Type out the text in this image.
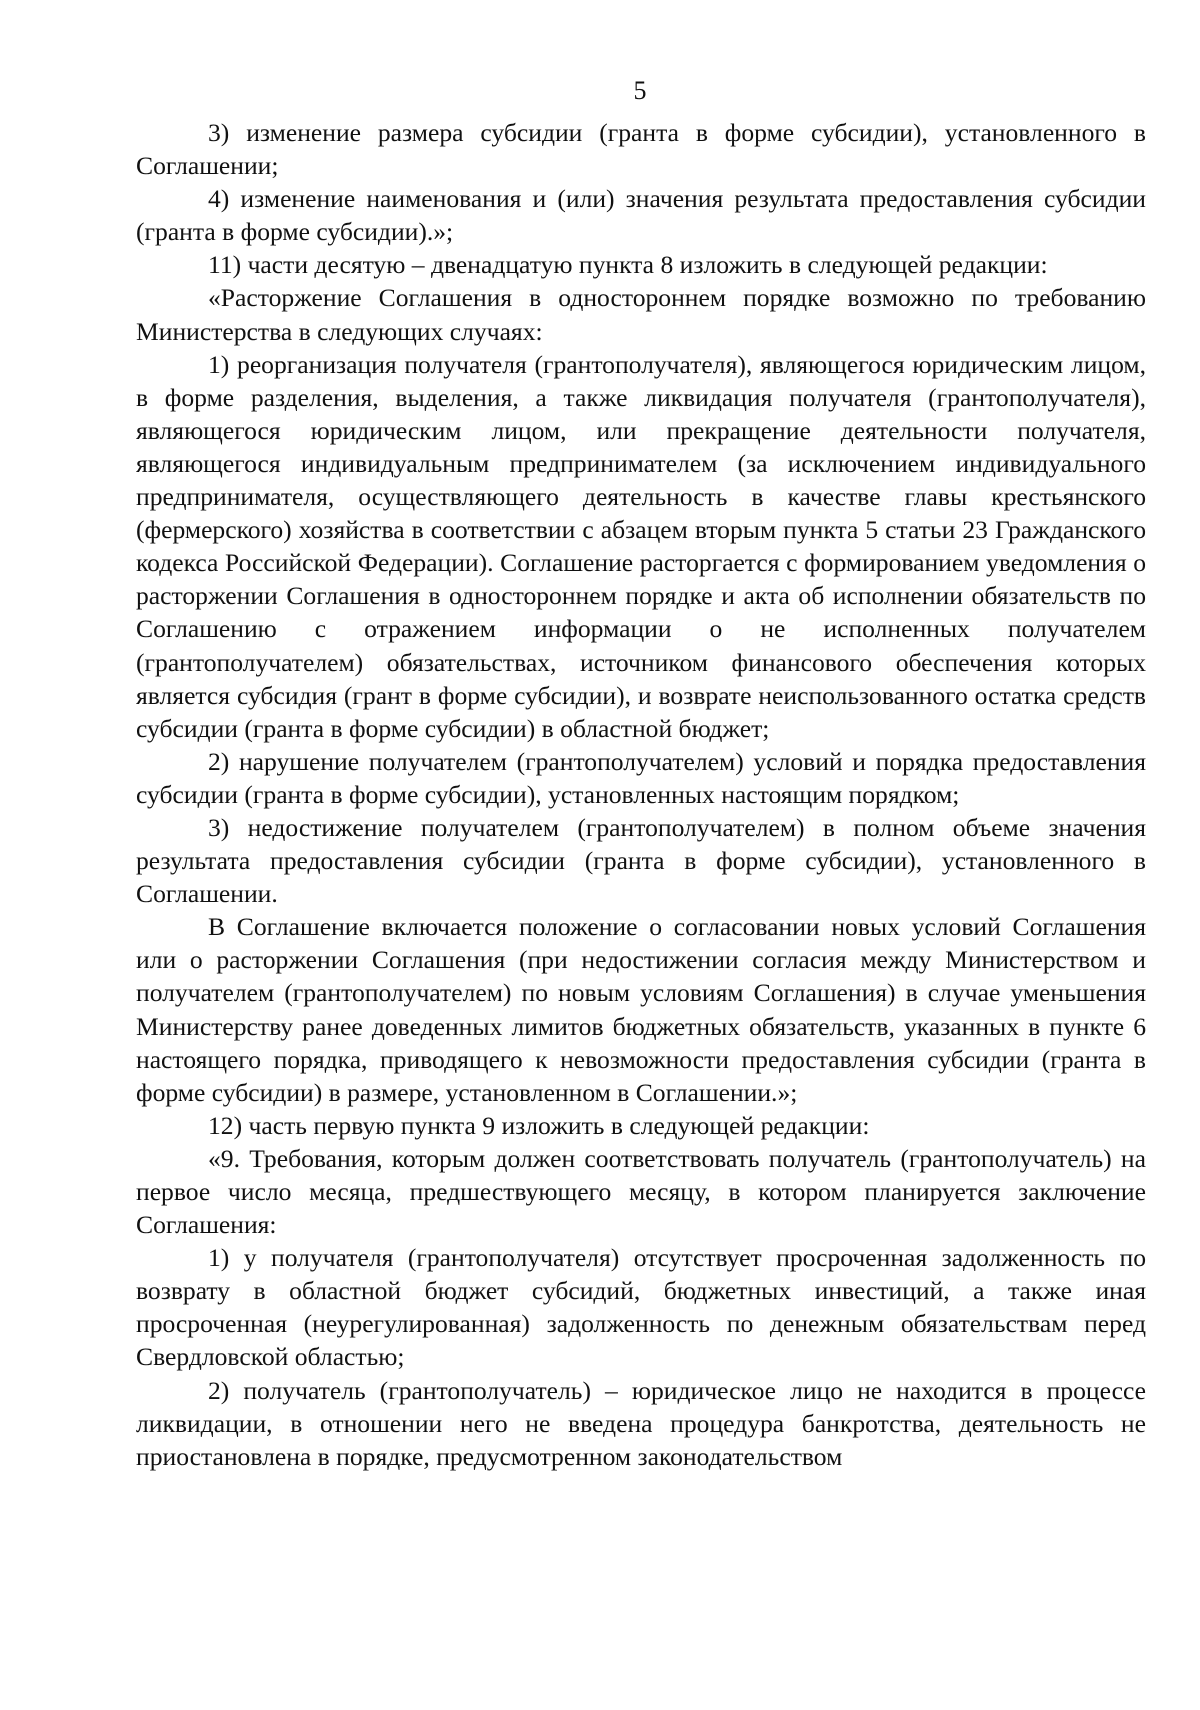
5

3) изменение размера субсидии (гранта в форме субсидии), установленного в Соглашении;

4) изменение наименования и (или) значения результата предоставления субсидии (гранта в форме субсидии).»;

11) части десятую – двенадцатую пункта 8 изложить в следующей редакции:

«Расторжение Соглашения в одностороннем порядке возможно по требованию Министерства в следующих случаях:

1) реорганизация получателя (грантополучателя), являющегося юридическим лицом, в форме разделения, выделения, а также ликвидация получателя (грантополучателя), являющегося юридическим лицом, или прекращение деятельности получателя, являющегося индивидуальным предпринимателем (за исключением индивидуального предпринимателя, осуществляющего деятельность в качестве главы крестьянского (фермерского) хозяйства в соответствии с абзацем вторым пункта 5 статьи 23 Гражданского кодекса Российской Федерации). Соглашение расторгается с формированием уведомления о расторжении Соглашения в одностороннем порядке и акта об исполнении обязательств по Соглашению с отражением информации о не исполненных получателем (грантополучателем) обязательствах, источником финансового обеспечения которых является субсидия (грант в форме субсидии), и возврате неиспользованного остатка средств субсидии (гранта в форме субсидии) в областной бюджет;

2) нарушение получателем (грантополучателем) условий и порядка предоставления субсидии (гранта в форме субсидии), установленных настоящим порядком;

3) недостижение получателем (грантополучателем) в полном объеме значения результата предоставления субсидии (гранта в форме субсидии), установленного в Соглашении.

В Соглашение включается положение о согласовании новых условий Соглашения или о расторжении Соглашения (при недостижении согласия между Министерством и получателем (грантополучателем) по новым условиям Соглашения) в случае уменьшения Министерству ранее доведенных лимитов бюджетных обязательств, указанных в пункте 6 настоящего порядка, приводящего к невозможности предоставления субсидии (гранта в форме субсидии) в размере, установленном в Соглашении.»;

12) часть первую пункта 9 изложить в следующей редакции:

«9. Требования, которым должен соответствовать получатель (грантополучатель) на первое число месяца, предшествующего месяцу, в котором планируется заключение Соглашения:

1) у получателя (грантополучателя) отсутствует просроченная задолженность по возврату в областной бюджет субсидий, бюджетных инвестиций, а также иная просроченная (неурегулированная) задолженность по денежным обязательствам перед Свердловской областью;

2) получатель (грантополучатель) – юридическое лицо не находится в процессе ликвидации, в отношении него не введена процедура банкротства, деятельность не приостановлена в порядке, предусмотренном законодательством
